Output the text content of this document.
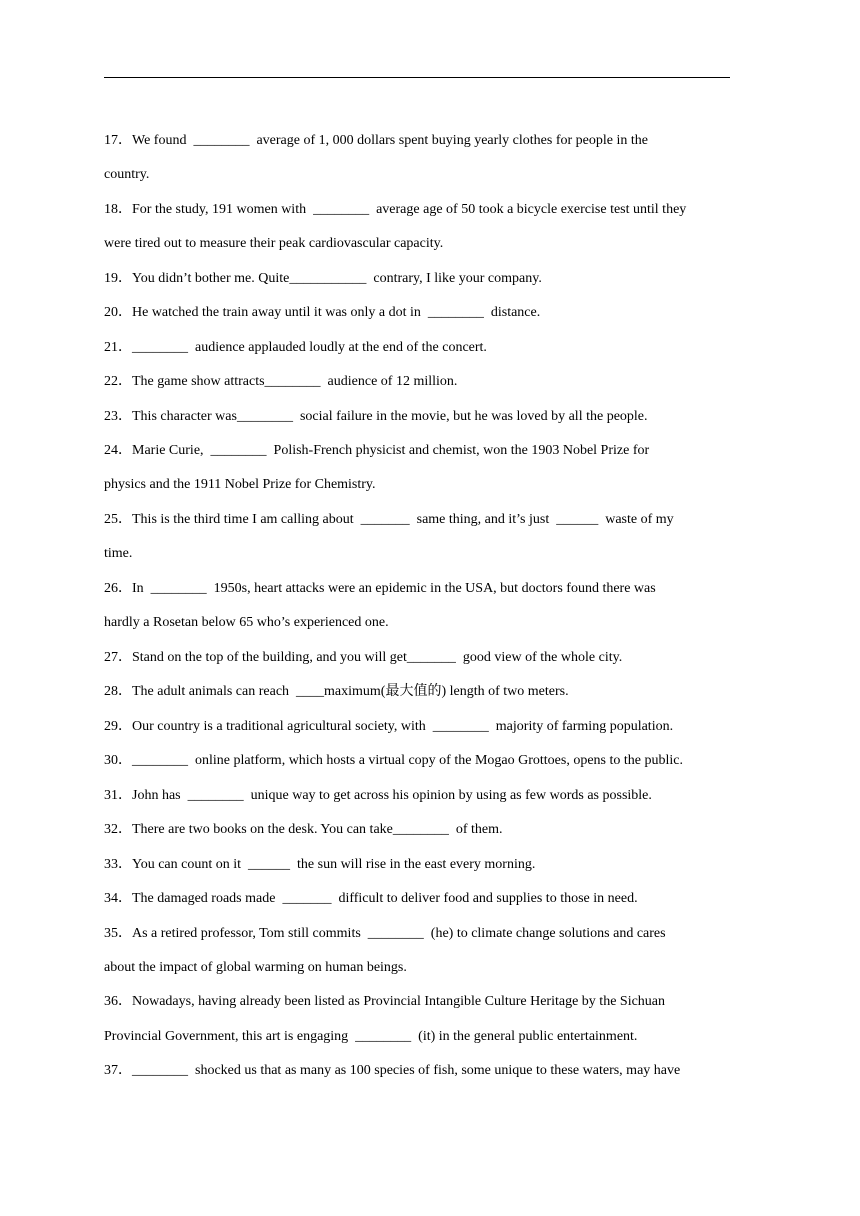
17．We found  ________  average of 1, 000 dollars spent buying yearly clothes for people in the
country.
18．For the study, 191 women with  ________  average age of 50 took a bicycle exercise test until they
were tired out to measure their peak cardiovascular capacity.
19．You didn’t bother me. Quite___________  contrary, I like your company.
20．He watched the train away until it was only a dot in  ________  distance.
21．________  audience applauded loudly at the end of the concert.
22．The game show attracts________  audience of 12 million.
23．This character was________  social failure in the movie, but he was loved by all the people.
24．Marie Curie,  ________  Polish-French physicist and chemist, won the 1903 Nobel Prize for
physics and the 1911 Nobel Prize for Chemistry.
25．This is the third time I am calling about  _______  same thing, and it’s just  ______  waste of my
time.
26．In  ________  1950s, heart attacks were an epidemic in the USA, but doctors found there was
hardly a Rosetan below 65 who’s experienced one.
27．Stand on the top of the building, and you will get_______  good view of the whole city.
28．The adult animals can reach  ____maximum(最大值的) length of two meters.
29．Our country is a traditional agricultural society, with  ________  majority of farming population.
30．________  online platform, which hosts a virtual copy of the Mogao Grottoes, opens to the public.
31．John has  ________  unique way to get across his opinion by using as few words as possible.
32．There are two books on the desk. You can take________  of them.
33．You can count on it  ______  the sun will rise in the east every morning.
34．The damaged roads made  _______  difficult to deliver food and supplies to those in need.
35．As a retired professor, Tom still commits  ________  (he) to climate change solutions and cares
about the impact of global warming on human beings.
36．Nowadays, having already been listed as Provincial Intangible Culture Heritage by the Sichuan
Provincial Government, this art is engaging  ________  (it) in the general public entertainment.
37．________  shocked us that as many as 100 species of fish, some unique to these waters, may have
